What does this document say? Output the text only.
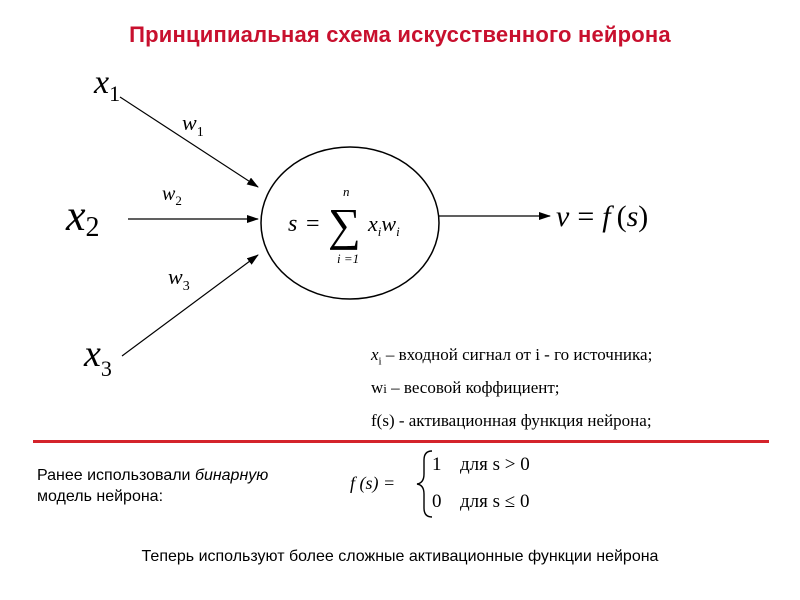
Принципиальная схема искусственного нейрона
$x_1$
x2
$x_3$
$w_1$
$w_2$
$w_3$
s = ∑
n
i =1
$x_iw_i$	v = f (s)
f (s) =
1 для s > 0
0 для s ≤ 0
$x_i$ – входной сигнал от i - го источника;
wi – весовой коффициент;
f(s) - активационная функция нейрона;
Ранее использовали бинарную
модель нейрона:
Теперь используют более сложные активационные функции нейрона
